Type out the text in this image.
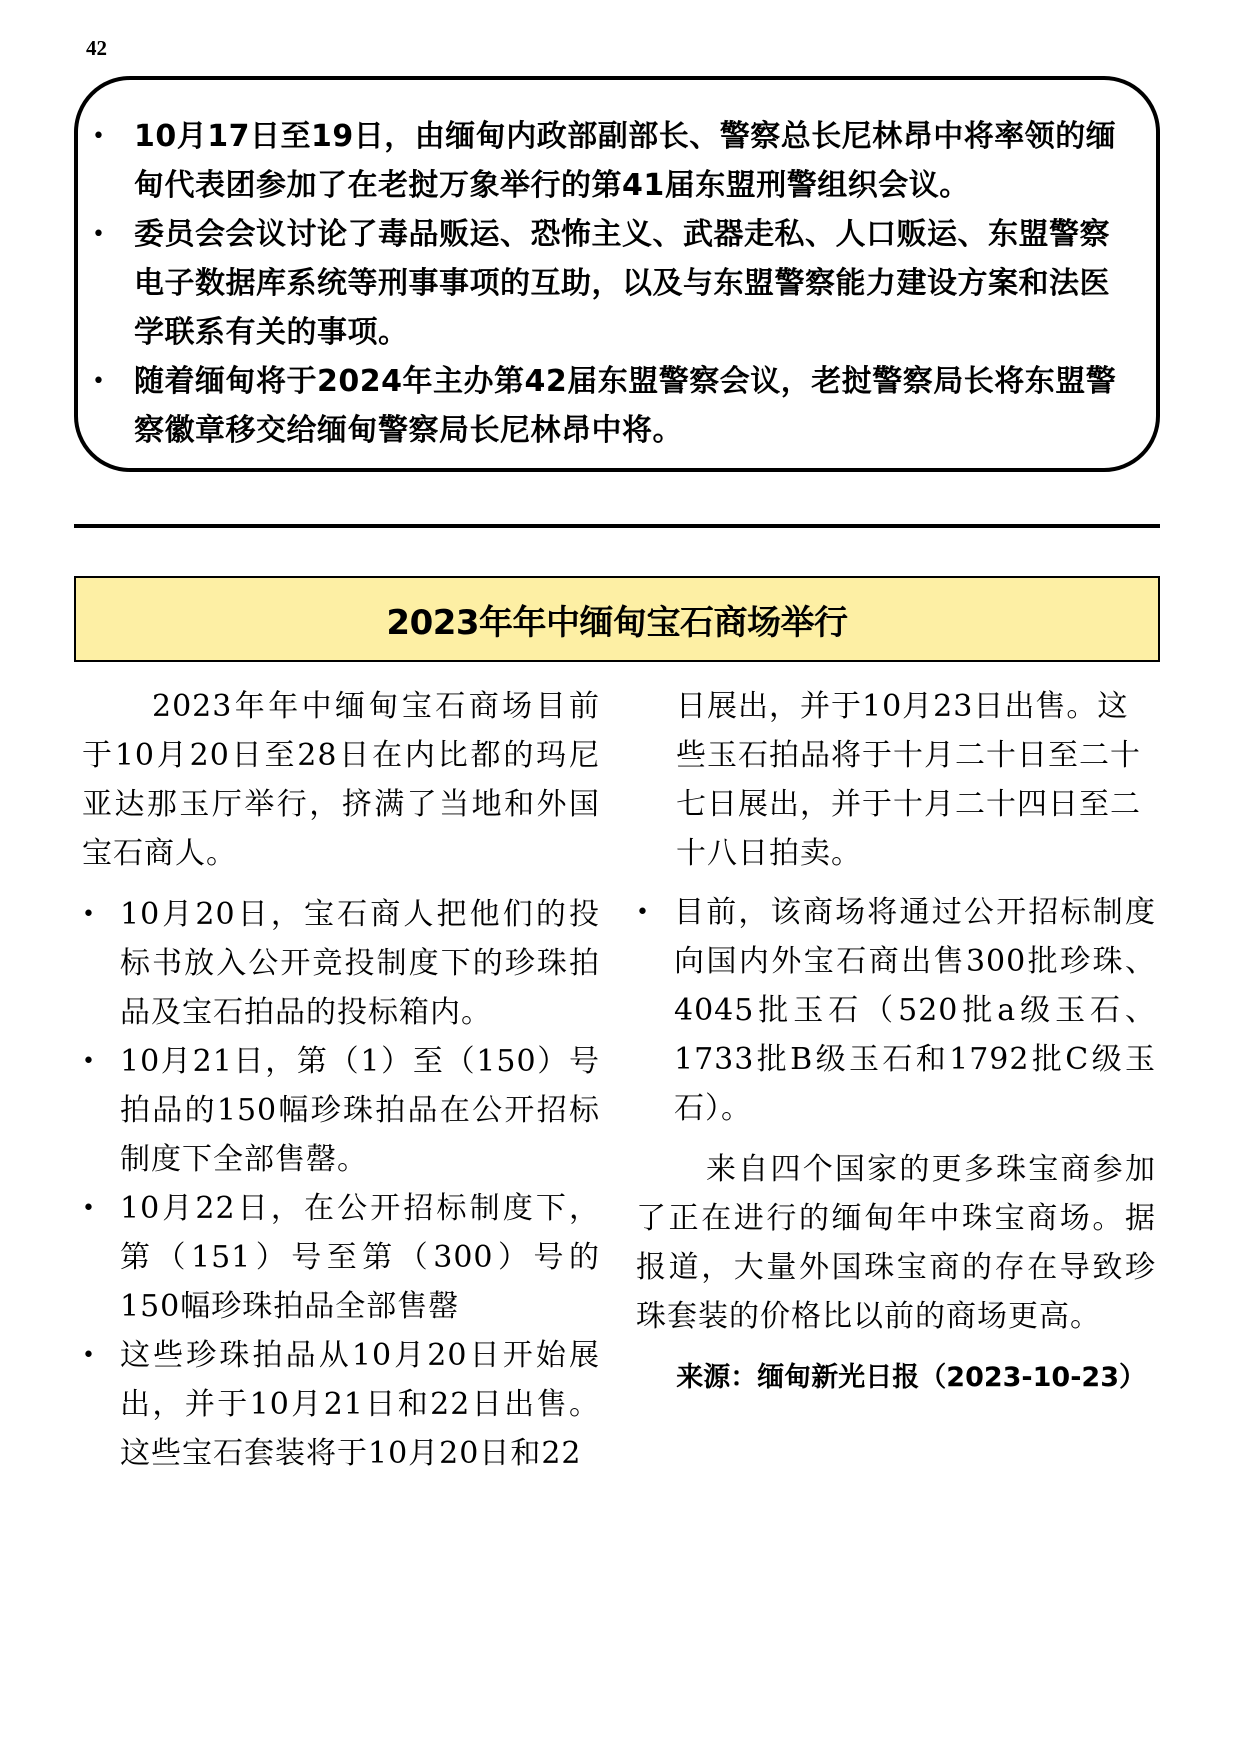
42
• 10月17日至19日，由缅甸内政部副部长、警察总长尼林昂中将率领的缅甸代表团参加了在老挝万象举行的第41届东盟刑警组织会议。
• 委员会会议讨论了毒品贩运、恐怖主义、武器走私、人口贩运、东盟警察电子数据库系统等刑事事项的互助，以及与东盟警察能力建设方案和法医学联系有关的事项。
• 随着缅甸将于2024年主办第42届东盟警察会议，老挝警察局长将东盟警察徽章移交给缅甸警察局长尼林昂中将。
2023年年中缅甸宝石商场举行

2023年年中缅甸宝石商场目前于10月20日至28日在内比都的玛尼亚达那玉厅举行，挤满了当地和外国宝石商人。

• 10月20日，宝石商人把他们的投标书放入公开竞投制度下的珍珠拍品及宝石拍品的投标箱内。
• 10月21日，第（1）至（150）号拍品的150幅珍珠拍品在公开招标制度下全部售罄。
• 10月22日，在公开招标制度下，第（151）号至第（300）号的150幅珍珠拍品全部售罄
• 这些珍珠拍品从10月20日开始展出，并于10月21日和22日出售。这些宝石套装将于10月20日和22

日展出，并于10月23日出售。这些玉石拍品将于十月二十日至二十七日展出，并于十月二十四日至二十八日拍卖。

• 目前，该商场将通过公开招标制度向国内外宝石商出售300批珍珠、4045批玉石（520批a级玉石、1733批B级玉石和1792批C级玉石）。

来自四个国家的更多珠宝商参加了正在进行的缅甸年中珠宝商场。据报道，大量外国珠宝商的存在导致珍珠套装的价格比以前的商场更高。

来源：缅甸新光日报（2023-10-23）
